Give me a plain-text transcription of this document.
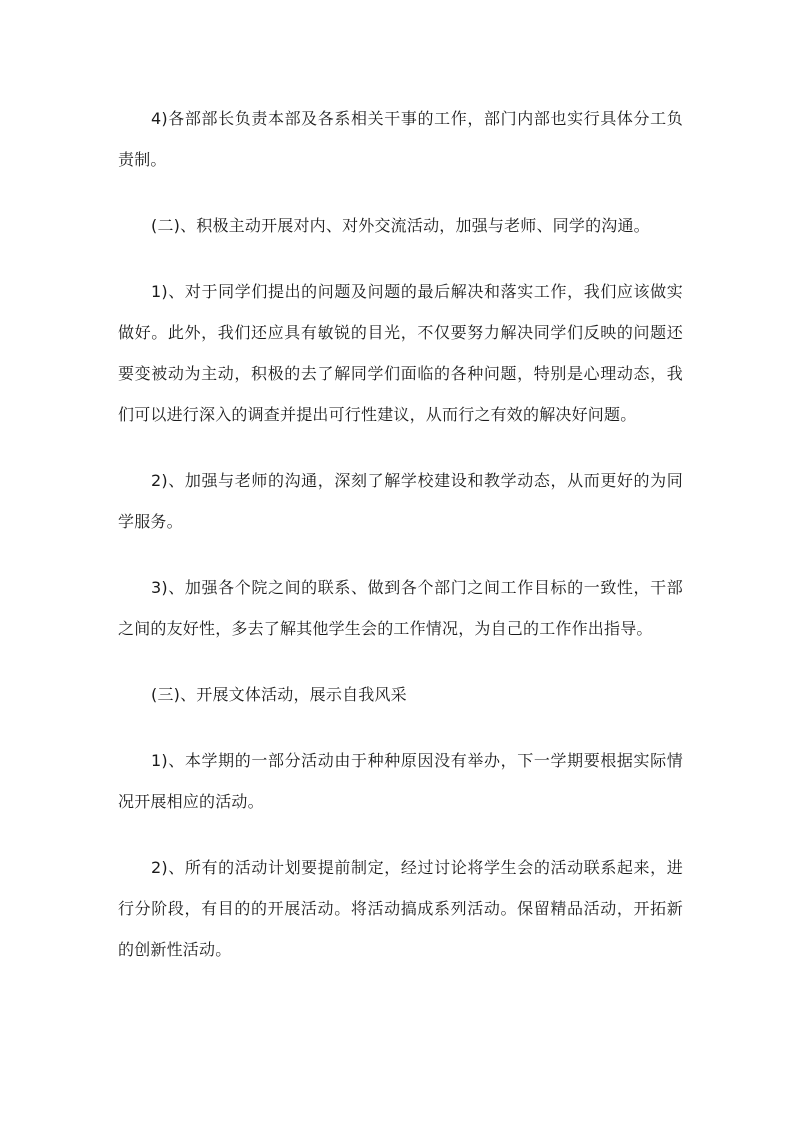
4)各部部长负责本部及各系相关干事的工作，部门内部也实行具体分工负责制。

(二)、积极主动开展对内、对外交流活动，加强与老师、同学的沟通。

1)、对于同学们提出的问题及问题的最后解决和落实工作，我们应该做实做好。此外，我们还应具有敏锐的目光，不仅要努力解决同学们反映的问题还要变被动为主动，积极的去了解同学们面临的各种问题，特别是心理动态，我们可以进行深入的调查并提出可行性建议，从而行之有效的解决好问题。

2)、加强与老师的沟通，深刻了解学校建设和教学动态，从而更好的为同学服务。

3)、加强各个院之间的联系、做到各个部门之间工作目标的一致性，干部之间的友好性，多去了解其他学生会的工作情况，为自己的工作作出指导。

(三)、开展文体活动，展示自我风采

1)、本学期的一部分活动由于种种原因没有举办，下一学期要根据实际情况开展相应的活动。

2)、所有的活动计划要提前制定，经过讨论将学生会的活动联系起来，进行分阶段，有目的的开展活动。将活动搞成系列活动。保留精品活动，开拓新的创新性活动。
